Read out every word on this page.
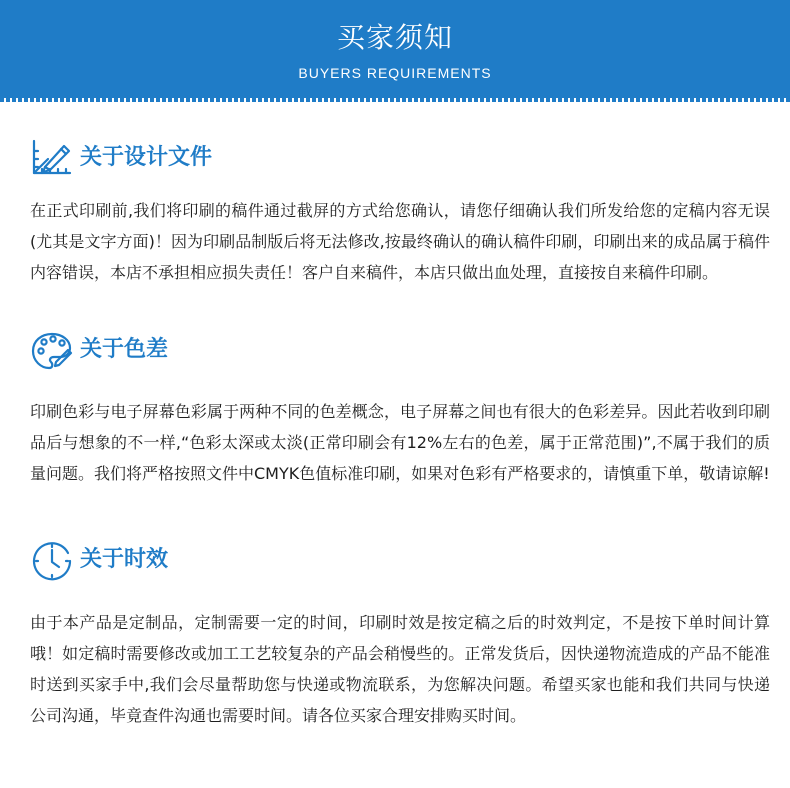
买家须知
BUYERS REQUIREMENTS
关于设计文件

在正式印刷前,我们将印刷的稿件通过截屏的方式给您确认，请您仔细确认我们所发给您的定稿内容无误(尤其是文字方面)！因为印刷品制版后将无法修改,按最终确认的确认稿件印刷，印刷出来的成品属于稿件内容错误，本店不承担相应损失责任！客户自来稿件，本店只做出血处理，直接按自来稿件印刷。

关于色差

印刷色彩与电子屏幕色彩属于两种不同的色差概念，电子屏幕之间也有很大的色彩差异。因此若收到印刷品后与想象的不一样,“色彩太深或太淡(正常印刷会有12%左右的色差，属于正常范围)”,不属于我们的质量问题。我们将严格按照文件中CMYK色值标准印刷，如果对色彩有严格要求的，请慎重下单，敬请谅解!

关于时效

由于本产品是定制品，定制需要一定的时间，印刷时效是按定稿之后的时效判定，不是按下单时间计算哦！如定稿时需要修改或加工工艺较复杂的产品会稍慢些的。正常发货后，因快递物流造成的产品不能准时送到买家手中,我们会尽量帮助您与快递或物流联系，为您解决问题。希望买家也能和我们共同与快递公司沟通，毕竟查件沟通也需要时间。请各位买家合理安排购买时间。
